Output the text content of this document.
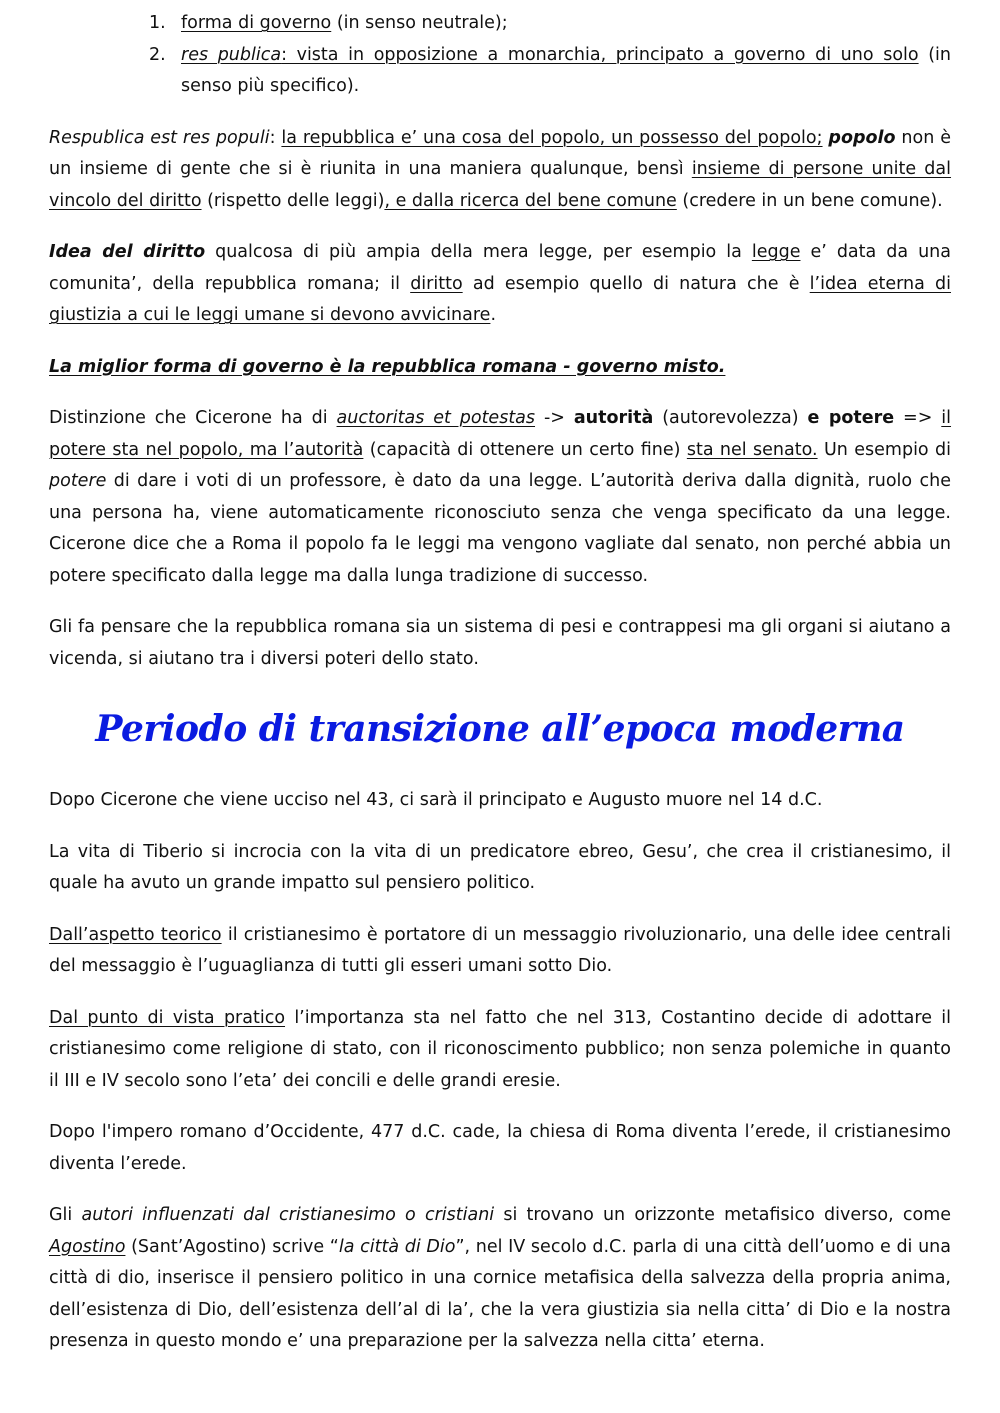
1. forma di governo (in senso neutrale);
2. res publica: vista in opposizione a monarchia, principato a governo di uno solo (in senso più specifico).

Respublica est res populi: la repubblica e’ una cosa del popolo, un possesso del popolo; popolo non è un insieme di gente che si è riunita in una maniera qualunque, bensì insieme di persone unite dal vincolo del diritto (rispetto delle leggi), e dalla ricerca del bene comune (credere in un bene comune).

Idea del diritto qualcosa di più ampia della mera legge, per esempio la legge e’ data da una comunita’, della repubblica romana; il diritto ad esempio quello di natura che è l’idea eterna di giustizia a cui le leggi umane si devono avvicinare.

La miglior forma di governo è la repubblica romana - governo misto.

Distinzione che Cicerone ha di auctoritas et potestas -> autorità (autorevolezza) e potere => il potere sta nel popolo, ma l’autorità (capacità di ottenere un certo fine) sta nel senato. Un esempio di potere di dare i voti di un professore, è dato da una legge. L’autorità deriva dalla dignità, ruolo che una persona ha, viene automaticamente riconosciuto senza che venga specificato da una legge. Cicerone dice che a Roma il popolo fa le leggi ma vengono vagliate dal senato, non perché abbia un potere specificato dalla legge ma dalla lunga tradizione di successo.

Gli fa pensare che la repubblica romana sia un sistema di pesi e contrappesi ma gli organi si aiutano a vicenda, si aiutano tra i diversi poteri dello stato.

Periodo di transizione all’epoca moderna

Dopo Cicerone che viene ucciso nel 43, ci sarà il principato e Augusto muore nel 14 d.C.

La vita di Tiberio si incrocia con la vita di un predicatore ebreo, Gesu’, che crea il cristianesimo, il quale ha avuto un grande impatto sul pensiero politico.

Dall’aspetto teorico il cristianesimo è portatore di un messaggio rivoluzionario, una delle idee centrali del messaggio è l’uguaglianza di tutti gli esseri umani sotto Dio.

Dal punto di vista pratico l’importanza sta nel fatto che nel 313, Costantino decide di adottare il cristianesimo come religione di stato, con il riconoscimento pubblico; non senza polemiche in quanto il III e IV secolo sono l’eta’ dei concili e delle grandi eresie.

Dopo l'impero romano d’Occidente, 477 d.C. cade, la chiesa di Roma diventa l’erede, il cristianesimo diventa l’erede.

Gli autori influenzati dal cristianesimo o cristiani si trovano un orizzonte metafisico diverso, come Agostino (Sant’Agostino) scrive “la città di Dio”, nel IV secolo d.C. parla di una città dell’uomo e di una città di dio, inserisce il pensiero politico in una cornice metafisica della salvezza della propria anima, dell’esistenza di Dio, dell’esistenza dell’al di la’, che la vera giustizia sia nella citta’ di Dio e la nostra presenza in questo mondo e’ una preparazione per la salvezza nella citta’ eterna.
